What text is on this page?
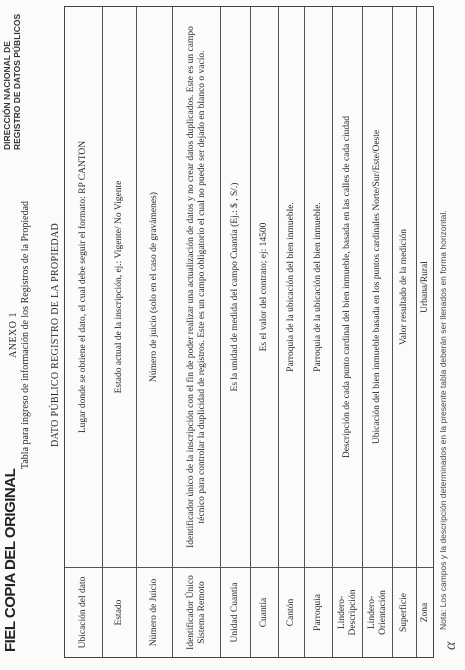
FIEL COPIA DEL ORIGINAL
DIRECCIÓN NACIONAL DE REGISTRO DE DATOS PÚBLICOS
ANEXO 1 Tabla para ingreso de información de los Registros de la Propiedad DATO PÚBLICO REGISTRO DE LA PROPIEDAD
Ubicación del dato
Lugar donde se obtiene el dato, el cual debe seguir el formato: RP CANTON
Estado
Estado actual de la inscripción, ej.: Vigente/ No Vigente
Número de Juicio
Número de juicio (solo en el caso de gravámenes)
Identificador Único Sistema Remoto
Identificador único de la inscripción con el fin de poder realizar una actualización de datos y no crear datos duplicados. Este es un campo técnico para controlar la duplicidad de registros. Este es un campo obligatorio el cual no puede ser dejado en blanco o vacío.
Unidad Cuantía
Es la unidad de medida del campo Cuantía (Ej.: $ , S/.)
Cuantía
Es el valor del contrato; ej: 14500
Cantón
Parroquia de la ubicación del bien inmueble.
Parroquia
Parroquia de la ubicación del bien inmueble.
Lindero-Descripción
Descripción de cada punto cardinal del bien inmueble, basada en las calles de cada ciudad
Lindero-Orientación
Ubicación del bien inmueble basada en los puntos cardinales Norte/Sur/Este/Oeste
Superficie
Valor resultado de la medición
Zona
Urbana/Rural
α
Nota: Los campos y la descripción determinados en la presente tabla deberán ser llenados en forma horizontal.
